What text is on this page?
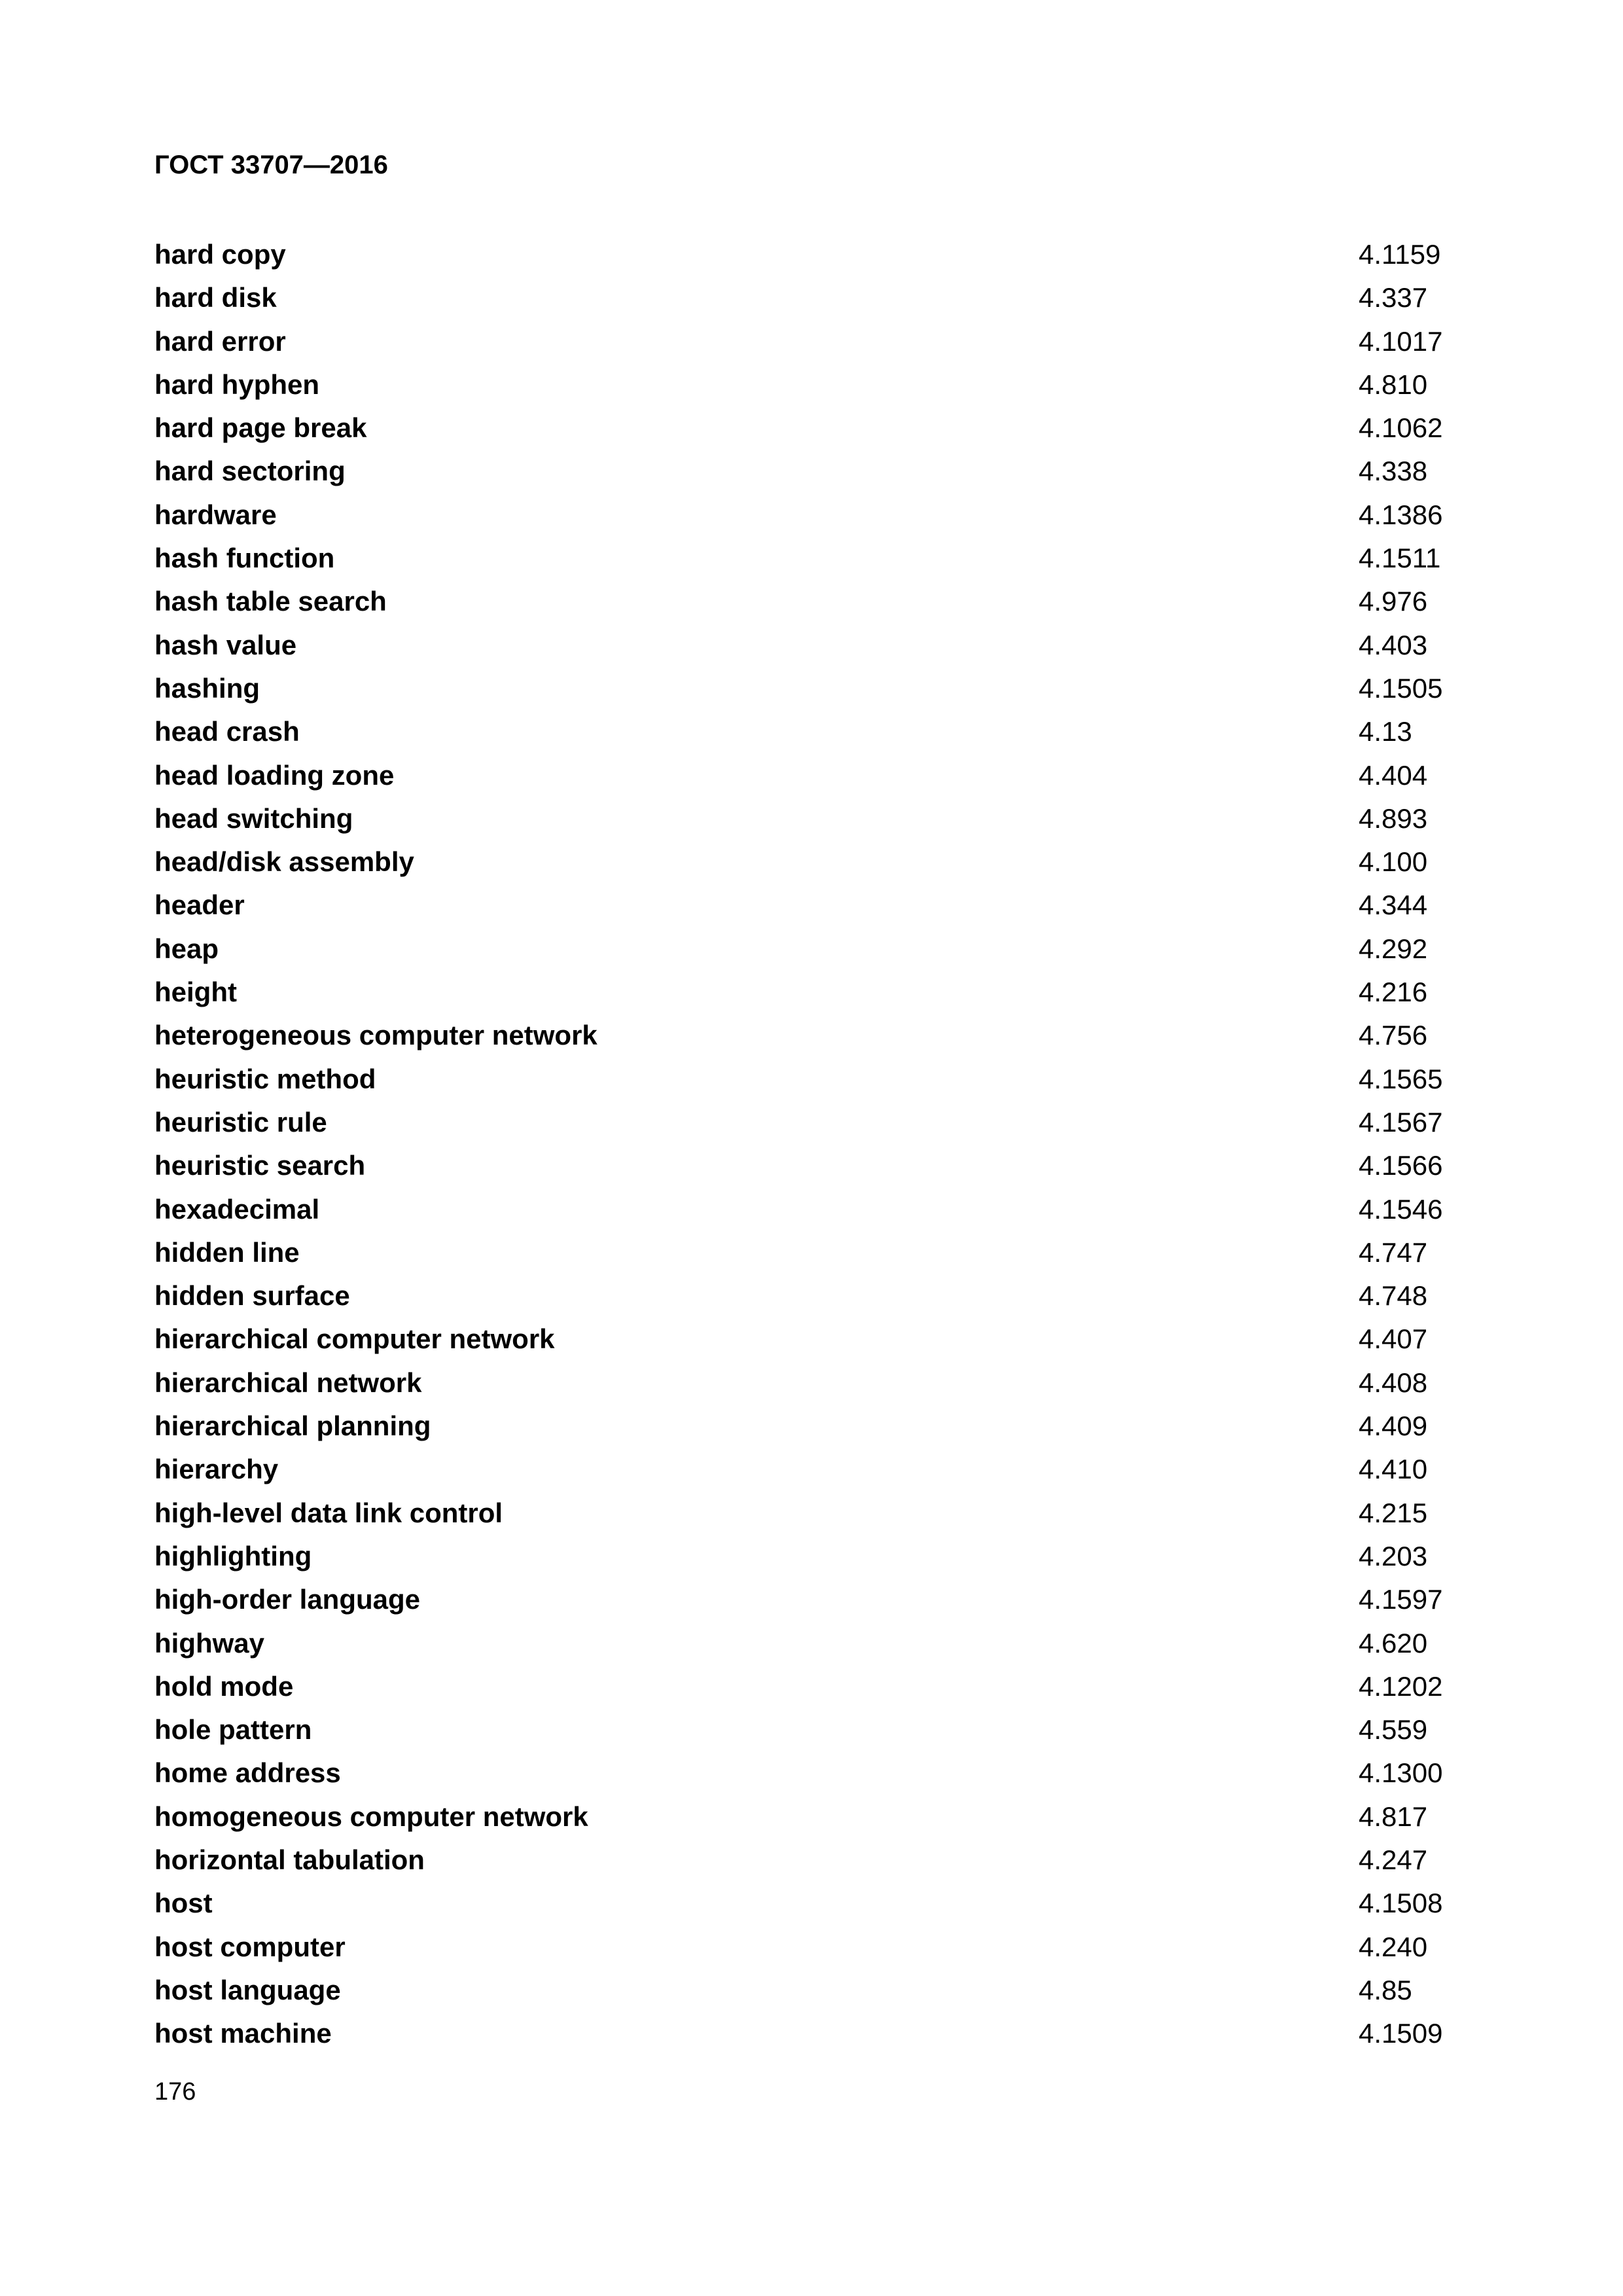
ГОСТ 33707—2016
hard copy	4.1159
hard disk	4.337
hard error	4.1017
hard hyphen	4.810
hard page break	4.1062
hard sectoring	4.338
hardware	4.1386
hash function	4.1511
hash table search	4.976
hash value	4.403
hashing	4.1505
head crash	4.13
head loading zone	4.404
head switching	4.893
head/disk assembly	4.100
header	4.344
heap	4.292
height	4.216
heterogeneous computer network	4.756
heuristic method	4.1565
heuristic rule	4.1567
heuristic search	4.1566
hexadecimal	4.1546
hidden line	4.747
hidden surface	4.748
hierarchical computer network	4.407
hierarchical network	4.408
hierarchical planning	4.409
hierarchy	4.410
high-level data link control	4.215
highlighting	4.203
high-order language	4.1597
highway	4.620
hold mode	4.1202
hole pattern	4.559
home address	4.1300
homogeneous computer network	4.817
horizontal tabulation	4.247
host	4.1508
host computer	4.240
host language	4.85
host machine	4.1509
176
